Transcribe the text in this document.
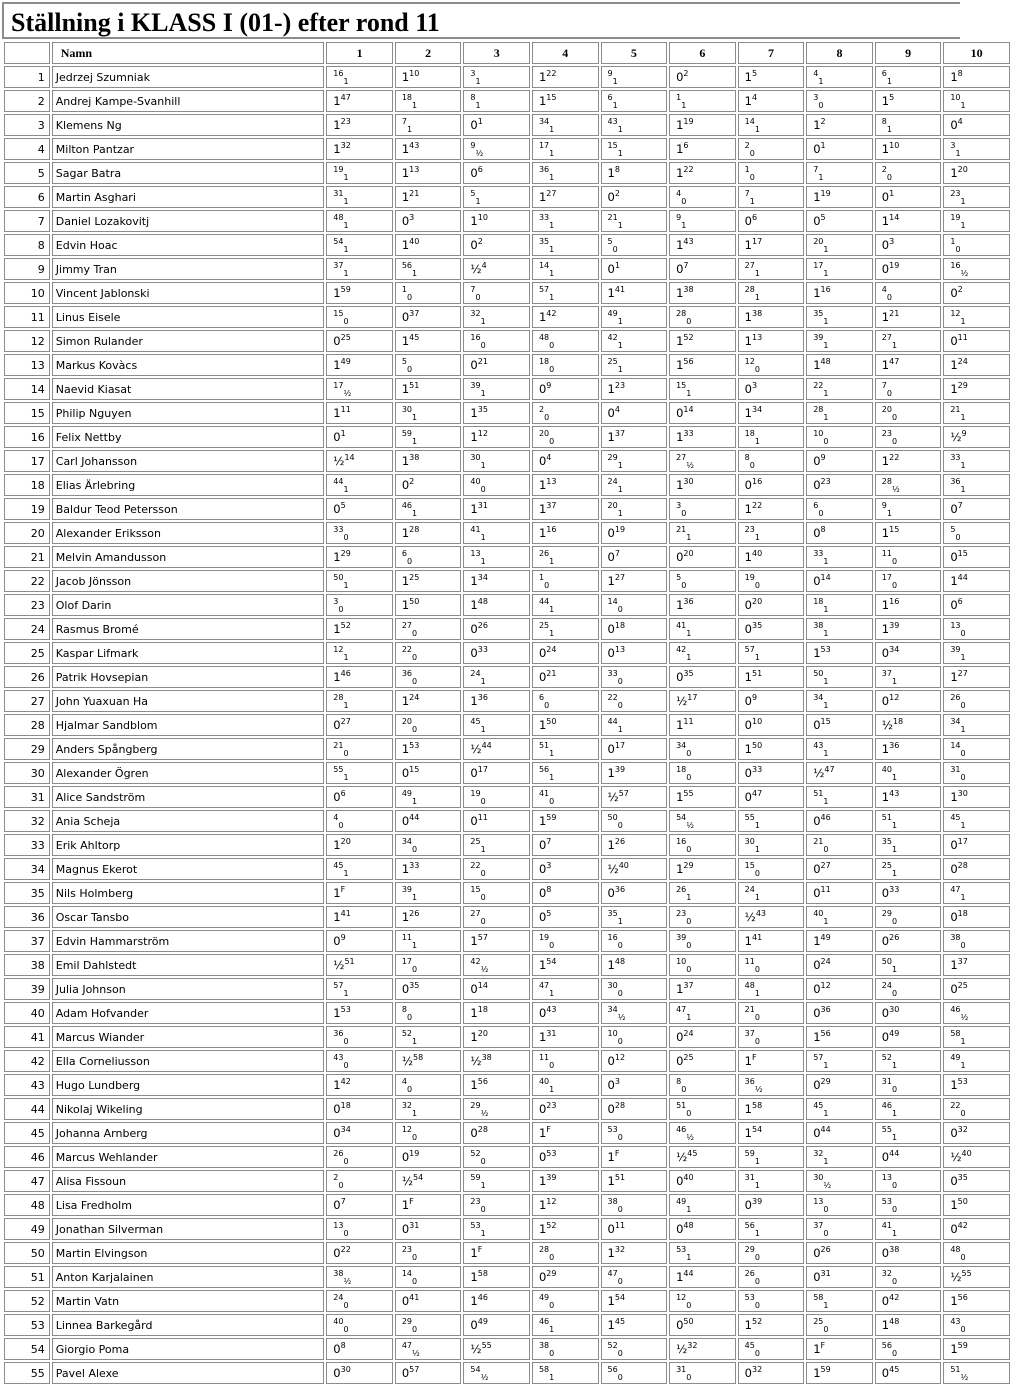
Ställning i KLASS I (01-) efter rond 11
	Namn	1	2	3	4	5	6	7	8	9	10
1	Jedrzej Szumniak	$^{16}_1$	$1^{10}$	$^3_1$	$1^{22}$	$^9_1$	$0^2$	$1^5$	$^4_1$	$^6_1$	$1^8$
2	Andrej Kampe-Svanhill	$1^{47}$	$^{18}_1$	$^8_1$	$1^{15}$	$^6_1$	$^1_1$	$1^4$	$^3_0$	$1^5$	$^{10}_1$
3	Klemens Ng	$1^{23}$	$^7_1$	$0^1$	$^{34}_1$	$^{43}_1$	$1^{19}$	$^{14}_1$	$1^2$	$^8_1$	$0^4$
4	Milton Pantzar	$1^{32}$	$1^{43}$	$^9_{\frac{1}{2}}$	$^{17}_1$	$^{15}_1$	$1^6$	$^2_0$	$0^1$	$1^{10}$	$^3_1$
5	Sagar Batra	$^{19}_1$	$1^{13}$	$0^6$	$^{36}_1$	$1^8$	$1^{22}$	$^1_0$	$^7_1$	$^2_0$	$1^{20}$
6	Martin Asghari	$^{31}_1$	$1^{21}$	$^5_1$	$1^{27}$	$0^2$	$^4_0$	$^7_1$	$1^{19}$	$0^1$	$^{23}_1$
7	Daniel Lozakovitj	$^{48}_1$	$0^3$	$1^{10}$	$^{33}_1$	$^{21}_1$	$^9_1$	$0^6$	$0^5$	$1^{14}$	$^{19}_1$
8	Edvin Hoac	$^{54}_1$	$1^{40}$	$0^2$	$^{35}_1$	$^5_0$	$1^{43}$	$1^{17}$	$^{20}_1$	$0^3$	$^1_0$
9	Jimmy Tran	$^{37}_1$	$^{56}_1$	½$^4$	$^{14}_1$	$0^1$	$0^7$	$^{27}_1$	$^{17}_1$	$0^{19}$	$^{16}_{\frac{1}{2}}$
10	Vincent Jablonski	$1^{59}$	$^1_0$	$^7_0$	$^{57}_1$	$1^{41}$	$1^{38}$	$^{28}_1$	$1^{16}$	$^4_0$	$0^2$
11	Linus Eisele	$^{15}_0$	$0^{37}$	$^{32}_1$	$1^{42}$	$^{49}_1$	$^{28}_0$	$1^{38}$	$^{35}_1$	$1^{21}$	$^{12}_1$
12	Simon Rulander	$0^{25}$	$1^{45}$	$^{16}_0$	$^{48}_0$	$^{42}_1$	$1^{52}$	$1^{13}$	$^{39}_1$	$^{27}_1$	$0^{11}$
13	Markus Kovàcs	$1^{49}$	$^5_0$	$0^{21}$	$^{18}_0$	$^{25}_1$	$1^{56}$	$^{12}_0$	$1^{48}$	$1^{47}$	$1^{24}$
14	Naevid Kiasat	$^{17}_{\frac{1}{2}}$	$1^{51}$	$^{39}_1$	$0^9$	$1^{23}$	$^{15}_1$	$0^3$	$^{22}_1$	$^7_0$	$1^{29}$
15	Philip Nguyen	$1^{11}$	$^{30}_1$	$1^{35}$	$^2_0$	$0^4$	$0^{14}$	$1^{34}$	$^{28}_1$	$^{20}_0$	$^{21}_1$
16	Felix Nettby	$0^1$	$^{59}_1$	$1^{12}$	$^{20}_0$	$1^{37}$	$1^{33}$	$^{18}_1$	$^{10}_0$	$^{23}_0$	½$^9$
17	Carl Johansson	½$^{14}$	$1^{38}$	$^{30}_1$	$0^4$	$^{29}_1$	$^{27}_{\frac{1}{2}}$	$^8_0$	$0^9$	$1^{22}$	$^{33}_1$
18	Elias Ärlebring	$^{44}_1$	$0^2$	$^{40}_0$	$1^{13}$	$^{24}_1$	$1^{30}$	$0^{16}$	$0^{23}$	$^{28}_{\frac{1}{2}}$	$^{36}_1$
19	Baldur Teod Petersson	$0^5$	$^{46}_1$	$1^{31}$	$1^{37}$	$^{20}_1$	$^3_0$	$1^{22}$	$^6_0$	$^9_1$	$0^7$
20	Alexander Eriksson	$^{33}_0$	$1^{28}$	$^{41}_1$	$1^{16}$	$0^{19}$	$^{21}_1$	$^{23}_1$	$0^8$	$1^{15}$	$^5_0$
21	Melvin Amandusson	$1^{29}$	$^6_0$	$^{13}_1$	$^{26}_1$	$0^7$	$0^{20}$	$1^{40}$	$^{33}_1$	$^{11}_0$	$0^{15}$
22	Jacob Jönsson	$^{50}_1$	$1^{25}$	$1^{34}$	$^1_0$	$1^{27}$	$^5_0$	$^{19}_0$	$0^{14}$	$^{17}_0$	$1^{44}$
23	Olof Darin	$^3_0$	$1^{50}$	$1^{48}$	$^{44}_1$	$^{14}_0$	$1^{36}$	$0^{20}$	$^{18}_1$	$1^{16}$	$0^6$
24	Rasmus Bromé	$1^{52}$	$^{27}_0$	$0^{26}$	$^{25}_1$	$0^{18}$	$^{41}_1$	$0^{35}$	$^{38}_1$	$1^{39}$	$^{13}_0$
25	Kaspar Lifmark	$^{12}_1$	$^{22}_0$	$0^{33}$	$0^{24}$	$0^{13}$	$^{42}_1$	$^{57}_1$	$1^{53}$	$0^{34}$	$^{39}_1$
26	Patrik Hovsepian	$1^{46}$	$^{36}_0$	$^{24}_1$	$0^{21}$	$^{33}_0$	$0^{35}$	$1^{51}$	$^{50}_1$	$^{37}_1$	$1^{27}$
27	John Yuaxuan Ha	$^{28}_1$	$1^{24}$	$1^{36}$	$^6_0$	$^{22}_0$	½$^{17}$	$0^9$	$^{34}_1$	$0^{12}$	$^{26}_0$
28	Hjalmar Sandblom	$0^{27}$	$^{20}_0$	$^{45}_1$	$1^{50}$	$^{44}_1$	$1^{11}$	$0^{10}$	$0^{15}$	½$^{18}$	$^{34}_1$
29	Anders Spångberg	$^{21}_0$	$1^{53}$	½$^{44}$	$^{51}_1$	$0^{17}$	$^{34}_0$	$1^{50}$	$^{43}_1$	$1^{36}$	$^{14}_0$
30	Alexander Ögren	$^{55}_1$	$0^{15}$	$0^{17}$	$^{56}_1$	$1^{39}$	$^{18}_0$	$0^{33}$	½$^{47}$	$^{40}_1$	$^{31}_0$
31	Alice Sandström	$0^6$	$^{49}_1$	$^{19}_0$	$^{41}_0$	½$^{57}$	$1^{55}$	$0^{47}$	$^{51}_1$	$1^{43}$	$1^{30}$
32	Ania Scheja	$^4_0$	$0^{44}$	$0^{11}$	$1^{59}$	$^{50}_0$	$^{54}_{\frac{1}{2}}$	$^{55}_1$	$0^{46}$	$^{51}_1$	$^{45}_1$
33	Erik Ahltorp	$1^{20}$	$^{34}_0$	$^{25}_1$	$0^7$	$1^{26}$	$^{16}_0$	$^{30}_1$	$^{21}_0$	$^{35}_1$	$0^{17}$
34	Magnus Ekerot	$^{45}_1$	$1^{33}$	$^{22}_0$	$0^3$	½$^{40}$	$1^{29}$	$^{15}_0$	$0^{27}$	$^{25}_1$	$0^{28}$
35	Nils Holmberg	$1^F$	$^{39}_1$	$^{15}_0$	$0^8$	$0^{36}$	$^{26}_1$	$^{24}_1$	$0^{11}$	$0^{33}$	$^{47}_1$
36	Oscar Tansbo	$1^{41}$	$1^{26}$	$^{27}_0$	$0^5$	$^{35}_1$	$^{23}_0$	½$^{43}$	$^{40}_1$	$^{29}_0$	$0^{18}$
37	Edvin Hammarström	$0^9$	$^{11}_1$	$1^{57}$	$^{19}_0$	$^{16}_0$	$^{39}_0$	$1^{41}$	$1^{49}$	$0^{26}$	$^{38}_0$
38	Emil Dahlstedt	½$^{51}$	$^{17}_0$	$^{42}_{\frac{1}{2}}$	$1^{54}$	$1^{48}$	$^{10}_0$	$^{11}_0$	$0^{24}$	$^{50}_1$	$1^{37}$
39	Julia Johnson	$^{57}_1$	$0^{35}$	$0^{14}$	$^{47}_1$	$^{30}_0$	$1^{37}$	$^{48}_1$	$0^{12}$	$^{24}_0$	$0^{25}$
40	Adam Hofvander	$1^{53}$	$^8_0$	$1^{18}$	$0^{43}$	$^{34}_{\frac{1}{2}}$	$^{47}_1$	$^{21}_0$	$0^{36}$	$0^{30}$	$^{46}_{\frac{1}{2}}$
41	Marcus Wiander	$^{36}_0$	$^{52}_1$	$1^{20}$	$1^{31}$	$^{10}_0$	$0^{24}$	$^{37}_0$	$1^{56}$	$0^{49}$	$^{58}_1$
42	Ella Corneliusson	$^{43}_0$	½$^{58}$	½$^{38}$	$^{11}_0$	$0^{12}$	$0^{25}$	$1^F$	$^{57}_1$	$^{52}_1$	$^{49}_1$
43	Hugo Lundberg	$1^{42}$	$^4_0$	$1^{56}$	$^{40}_1$	$0^3$	$^8_0$	$^{36}_{\frac{1}{2}}$	$0^{29}$	$^{31}_0$	$1^{53}$
44	Nikolaj Wikeling	$0^{18}$	$^{32}_1$	$^{29}_{\frac{1}{2}}$	$0^{23}$	$0^{28}$	$^{51}_0$	$1^{58}$	$^{45}_1$	$^{46}_1$	$^{22}_0$
45	Johanna Arnberg	$0^{34}$	$^{12}_0$	$0^{28}$	$1^F$	$^{53}_0$	$^{46}_{\frac{1}{2}}$	$1^{54}$	$0^{44}$	$^{55}_1$	$0^{32}$
46	Marcus Wehlander	$^{26}_0$	$0^{19}$	$^{52}_0$	$0^{53}$	$1^F$	½$^{45}$	$^{59}_1$	$^{32}_1$	$0^{44}$	½$^{40}$
47	Alisa Fissoun	$^2_0$	½$^{54}$	$^{59}_1$	$1^{39}$	$1^{51}$	$0^{40}$	$^{31}_1$	$^{30}_{\frac{1}{2}}$	$^{13}_0$	$0^{35}$
48	Lisa Fredholm	$0^7$	$1^F$	$^{23}_0$	$1^{12}$	$^{38}_0$	$^{49}_1$	$0^{39}$	$^{13}_0$	$^{53}_0$	$1^{50}$
49	Jonathan Silverman	$^{13}_0$	$0^{31}$	$^{53}_1$	$1^{52}$	$0^{11}$	$0^{48}$	$^{56}_1$	$^{37}_0$	$^{41}_1$	$0^{42}$
50	Martin Elvingson	$0^{22}$	$^{23}_0$	$1^F$	$^{28}_0$	$1^{32}$	$^{53}_1$	$^{29}_0$	$0^{26}$	$0^{38}$	$^{48}_0$
51	Anton Karjalainen	$^{38}_{\frac{1}{2}}$	$^{14}_0$	$1^{58}$	$0^{29}$	$^{47}_0$	$1^{44}$	$^{26}_0$	$0^{31}$	$^{32}_0$	½$^{55}$
52	Martin Vatn	$^{24}_0$	$0^{41}$	$1^{46}$	$^{49}_0$	$1^{54}$	$^{12}_0$	$^{53}_0$	$^{58}_1$	$0^{42}$	$1^{56}$
53	Linnea Barkegård	$^{40}_0$	$^{29}_0$	$0^{49}$	$^{46}_1$	$1^{45}$	$0^{50}$	$1^{52}$	$^{25}_0$	$1^{48}$	$^{43}_0$
54	Giorgio Poma	$0^8$	$^{47}_{\frac{1}{2}}$	½$^{55}$	$^{38}_0$	$^{52}_0$	½$^{32}$	$^{45}_0$	$1^F$	$^{56}_0$	$1^{59}$
55	Pavel Alexe	$0^{30}$	$0^{57}$	$^{54}_{\frac{1}{2}}$	$^{58}_1$	$^{56}_0$	$^{31}_0$	$0^{32}$	$1^{59}$	$0^{45}$	$^{51}_{\frac{1}{2}}$
